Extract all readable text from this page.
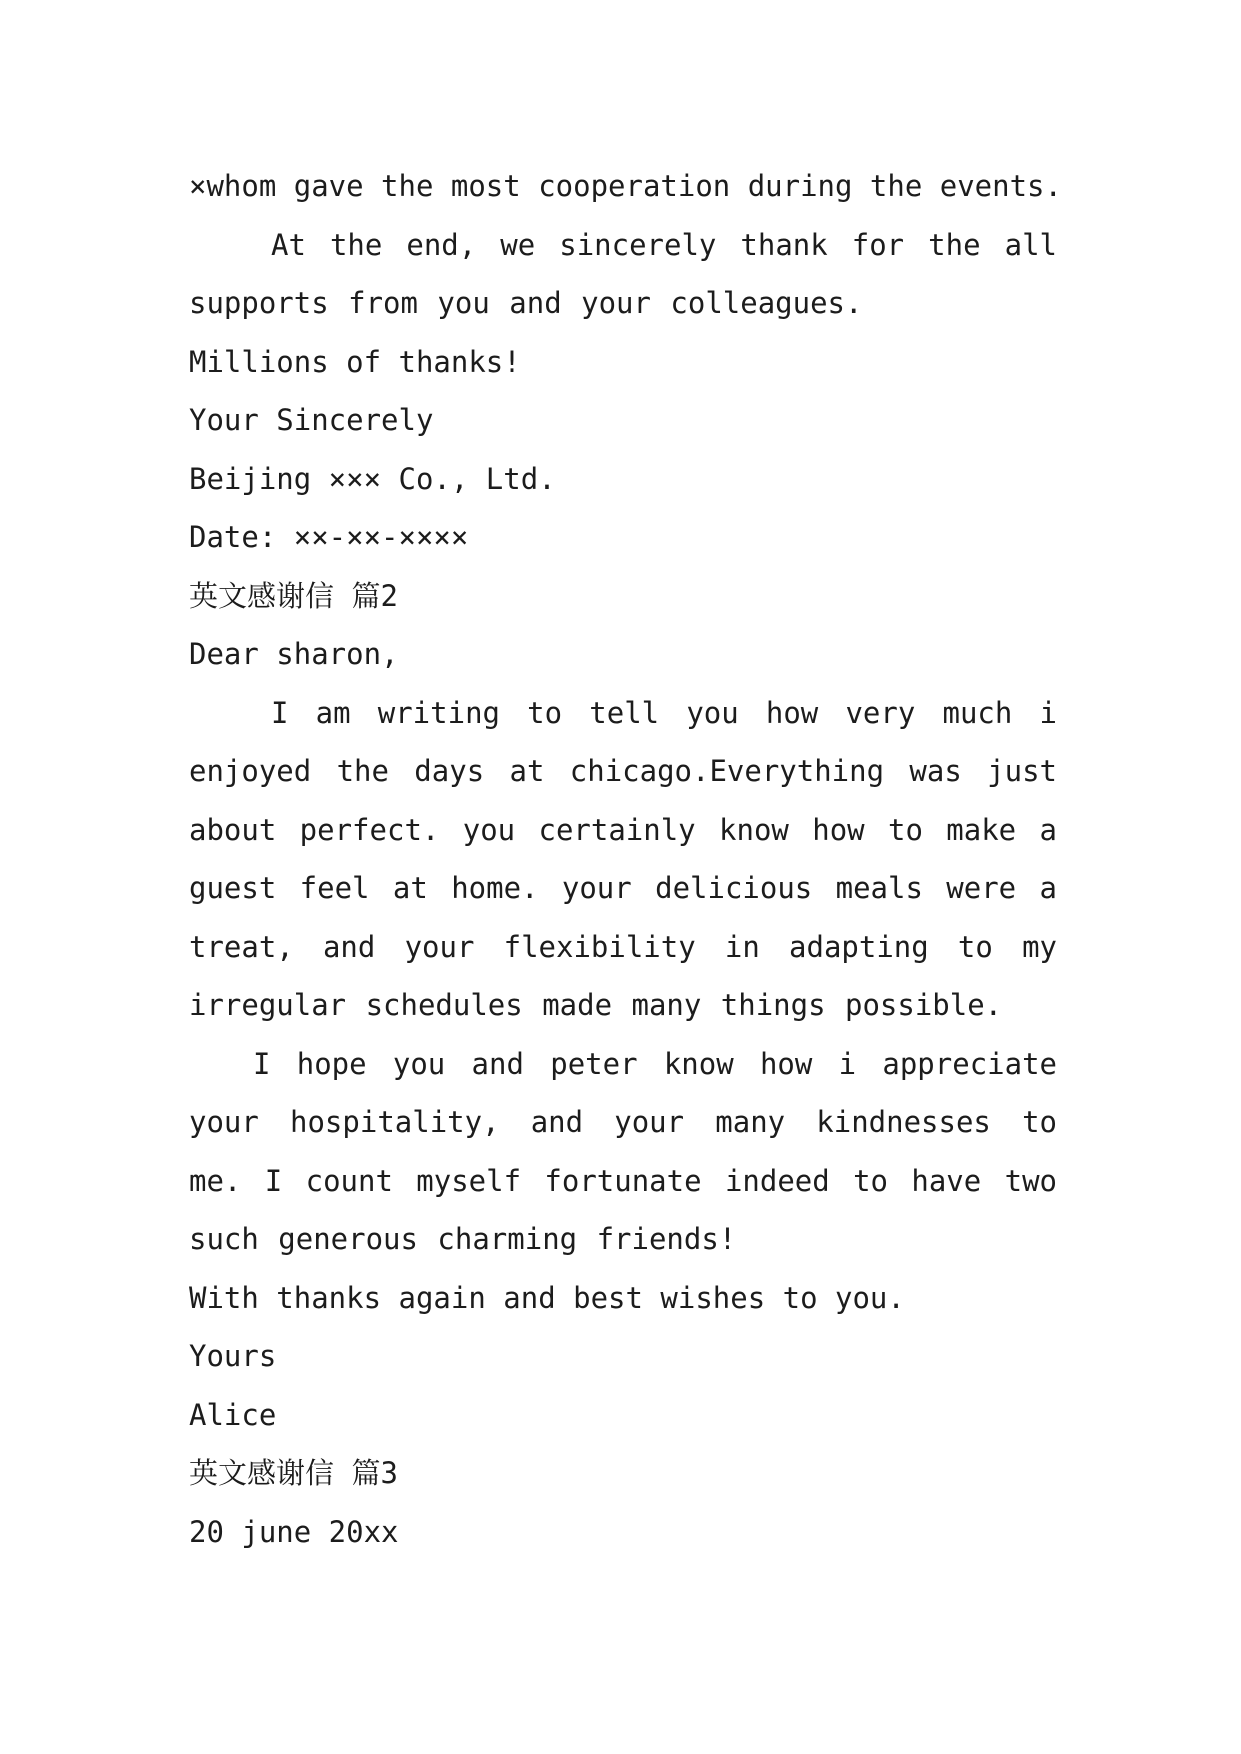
×whom gave the most cooperation during the events.

At the end, we sincerely thank for the all supports from you and your colleagues.

Millions of thanks!

Your Sincerely

Beijing ××× Co., Ltd.

Date: ××-××-××××

英文感谢信 篇2

Dear sharon,

I am writing to tell you how very much i enjoyed the days at chicago.Everything was just about perfect. you certainly know how to make a guest feel at home. your delicious meals were a treat, and your flexibility in adapting to my irregular schedules made many things possible.

I hope you and peter know how i appreciate your hospitality, and your many kindnesses to me. I count myself fortunate indeed to have two such generous charming friends!

With thanks again and best wishes to you.

Yours

Alice

英文感谢信 篇3

20 june 20xx
